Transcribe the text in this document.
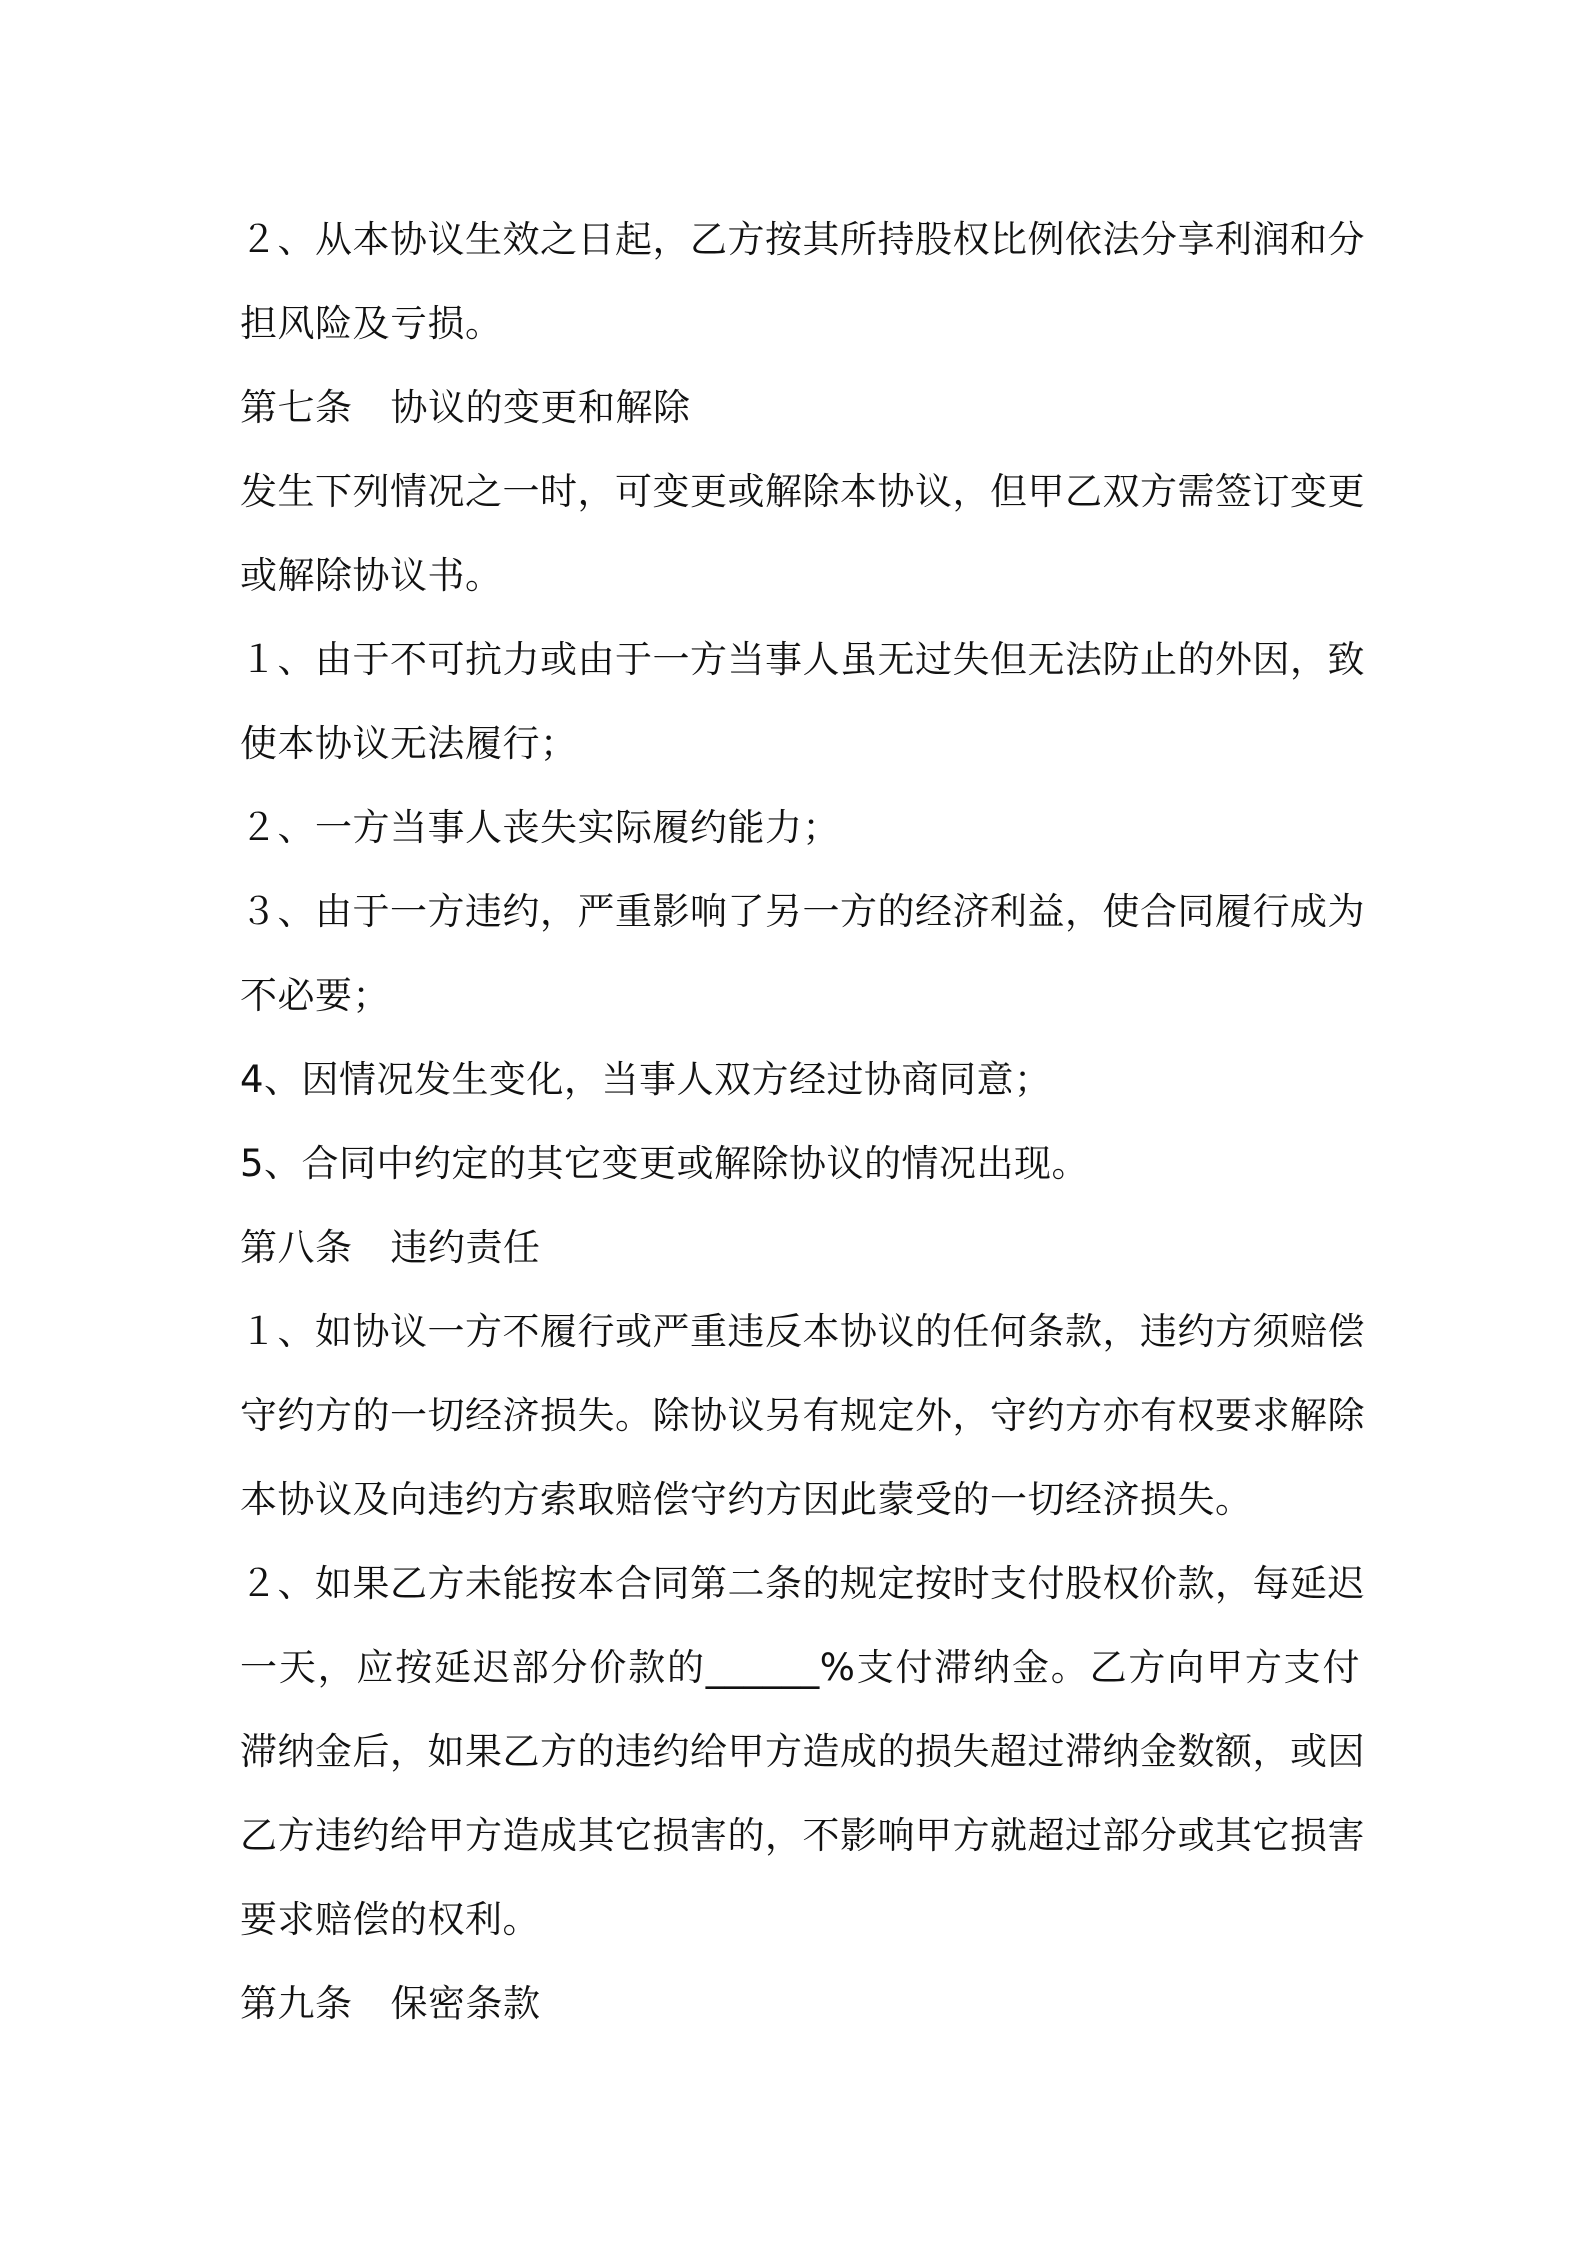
２、从本协议生效之日起，乙方按其所持股权比例依法分享利润和分
担风险及亏损。
第七条 协议的变更和解除
发生下列情况之一时，可变更或解除本协议，但甲乙双方需签订变更
或解除协议书。
１、由于不可抗力或由于一方当事人虽无过失但无法防止的外因，致
使本协议无法履行；
２、一方当事人丧失实际履约能力；
３、由于一方违约，严重影响了另一方的经济利益，使合同履行成为
不必要；
4、因情况发生变化，当事人双方经过协商同意；
5、合同中约定的其它变更或解除协议的情况出现。
第八条 违约责任
１、如协议一方不履行或严重违反本协议的任何条款，违约方须赔偿
守约方的一切经济损失。除协议另有规定外，守约方亦有权要求解除
本协议及向违约方索取赔偿守约方因此蒙受的一切经济损失。
２、如果乙方未能按本合同第二条的规定按时支付股权价款，每延迟
一天，应按延迟部分价款的______%支付滞纳金。乙方向甲方支付
滞纳金后，如果乙方的违约给甲方造成的损失超过滞纳金数额，或因
乙方违约给甲方造成其它损害的，不影响甲方就超过部分或其它损害
要求赔偿的权利。
第九条 保密条款
